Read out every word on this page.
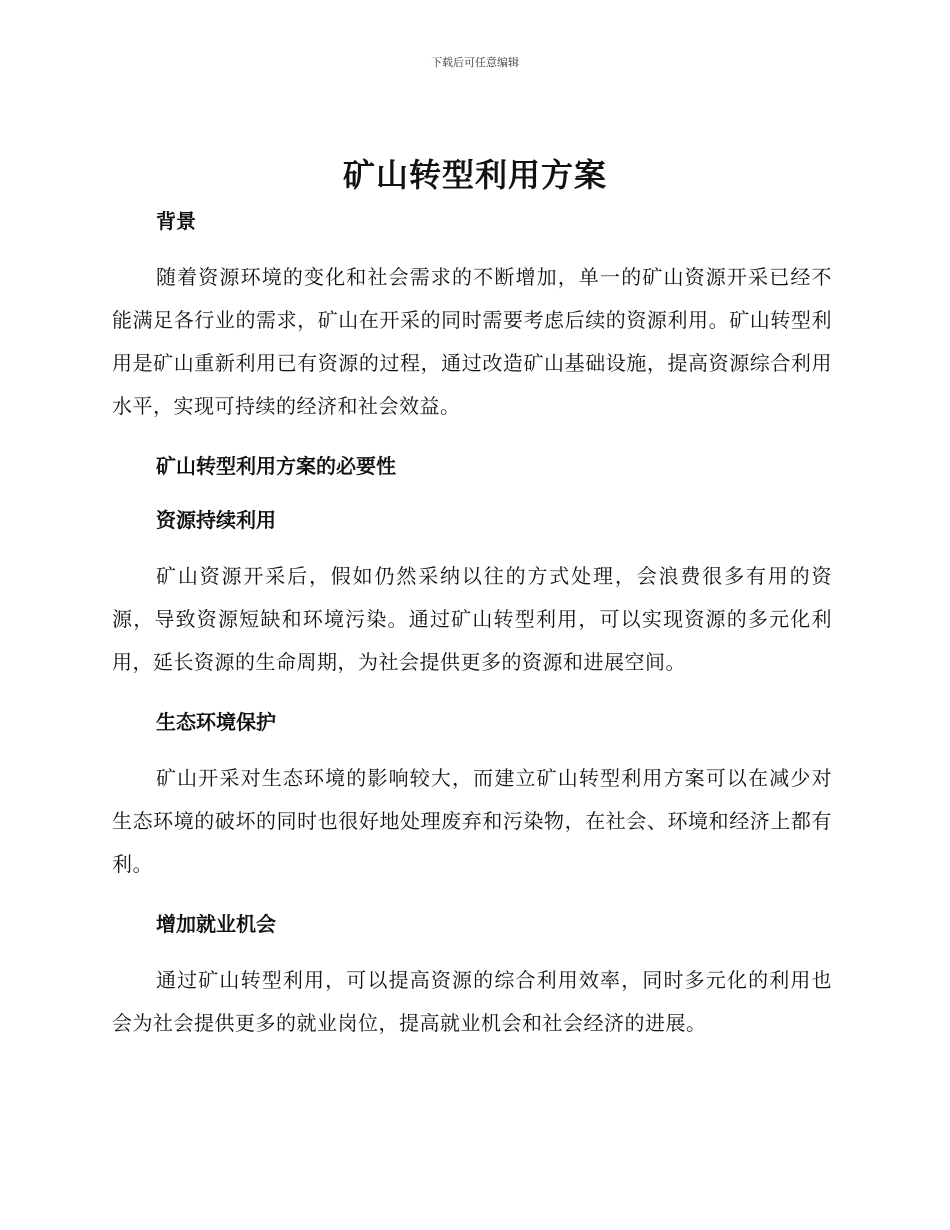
下载后可任意编辑
矿山转型利用方案

背景

随着资源环境的变化和社会需求的不断增加，单一的矿山资源开采已经不能满足各行业的需求，矿山在开采的同时需要考虑后续的资源利用。矿山转型利用是矿山重新利用已有资源的过程，通过改造矿山基础设施，提高资源综合利用水平，实现可持续的经济和社会效益。

矿山转型利用方案的必要性

资源持续利用

矿山资源开采后，假如仍然采纳以往的方式处理，会浪费很多有用的资源，导致资源短缺和环境污染。通过矿山转型利用，可以实现资源的多元化利用，延长资源的生命周期，为社会提供更多的资源和进展空间。

生态环境保护

矿山开采对生态环境的影响较大，而建立矿山转型利用方案可以在减少对生态环境的破坏的同时也很好地处理废弃和污染物，在社会、环境和经济上都有利。

增加就业机会

通过矿山转型利用，可以提高资源的综合利用效率，同时多元化的利用也会为社会提供更多的就业岗位，提高就业机会和社会经济的进展。
